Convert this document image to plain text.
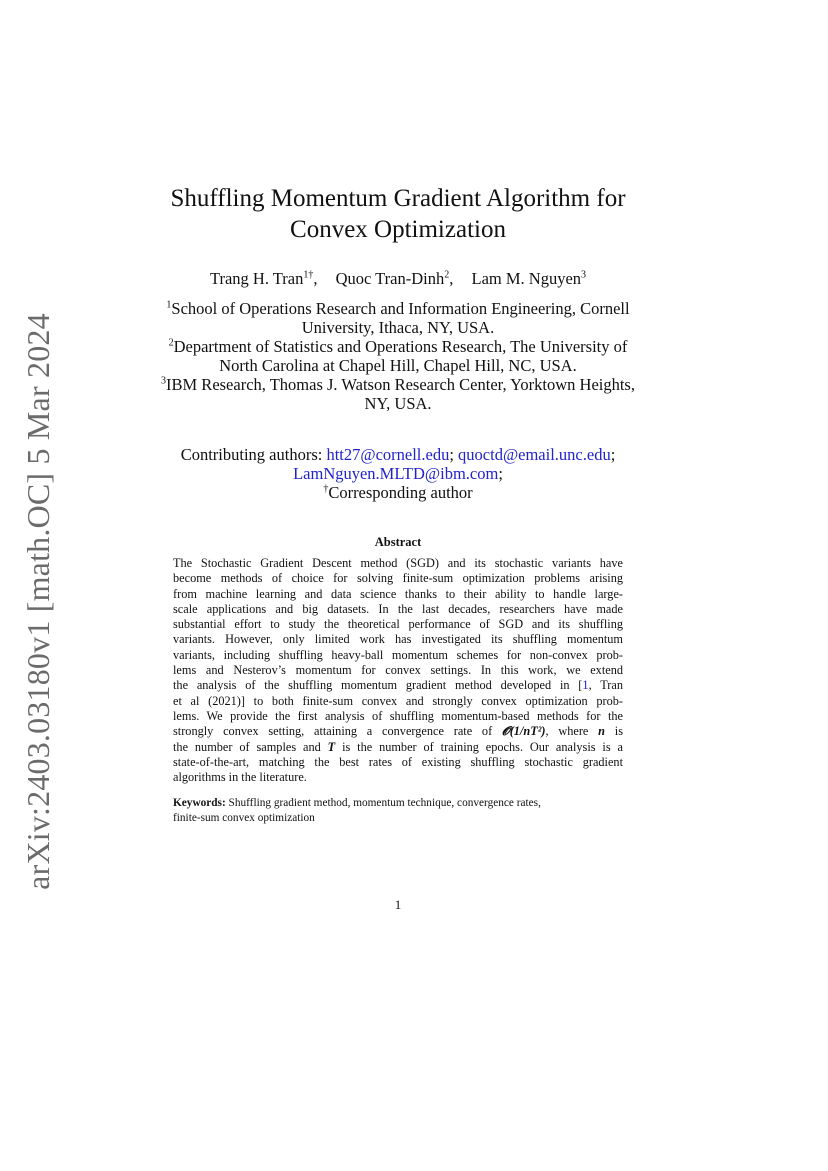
arXiv:2403.03180v1 [math.OC] 5 Mar 2024
Shuffling Momentum Gradient Algorithm for
Convex Optimization
Trang H. Tran$^{1\dagger}$, Quoc Tran-Dinh$^2$, Lam M. Nguyen$^3$
$^1$School of Operations Research and Information Engineering, Cornell
University, Ithaca, NY, USA.
$^2$Department of Statistics and Operations Research, The University of
North Carolina at Chapel Hill, Chapel Hill, NC, USA.
$^3$IBM Research, Thomas J. Watson Research Center, Yorktown Heights,
NY, USA.
Contributing authors: htt27@cornell.edu; quoctd@email.unc.edu;
LamNguyen.MLTD@ibm.com;
†Corresponding author
Abstract
The Stochastic Gradient Descent method (SGD) and its stochastic variants have
become methods of choice for solving finite-sum optimization problems arising
from machine learning and data science thanks to their ability to handle large-
scale applications and big datasets. In the last decades, researchers have made
substantial effort to study the theoretical performance of SGD and its shuffling
variants. However, only limited work has investigated its shuffling momentum
variants, including shuffling heavy-ball momentum schemes for non-convex prob-
lems and Nesterov’s momentum for convex settings. In this work, we extend
the analysis of the shuffling momentum gradient method developed in [1, Tran
et al (2021)] to both finite-sum convex and strongly convex optimization prob-
lems. We provide the first analysis of shuffling momentum-based methods for the
strongly convex setting, attaining a convergence rate of 𝓞(1/nT²), where n is
the number of samples and T is the number of training epochs. Our analysis is a
state-of-the-art, matching the best rates of existing shuffling stochastic gradient
algorithms in the literature.
Keywords: Shuffling gradient method, momentum technique, convergence rates,
finite-sum convex optimization
1
